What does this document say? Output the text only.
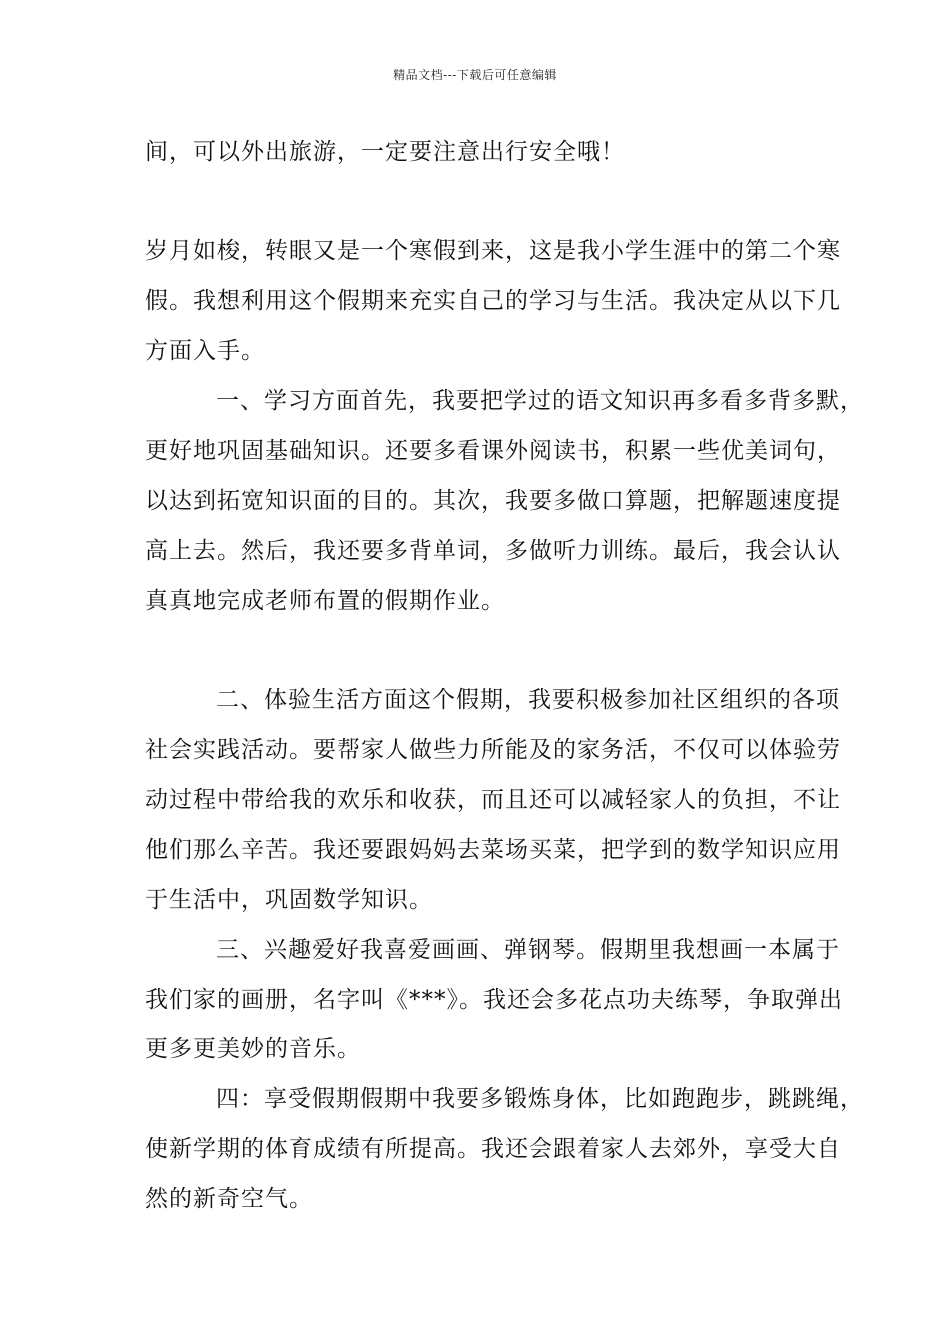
精品文档---下载后可任意编辑
间，可以外出旅游，一定要注意出行安全哦！
岁月如梭，转眼又是一个寒假到来，这是我小学生涯中的第二个寒
假。我想利用这个假期来充实自己的学习与生活。我决定从以下几
方面入手。
一、学习方面首先，我要把学过的语文知识再多看多背多默，
更好地巩固基础知识。还要多看课外阅读书，积累一些优美词句，
以达到拓宽知识面的目的。其次，我要多做口算题，把解题速度提
高上去。然后，我还要多背单词，多做听力训练。最后，我会认认
真真地完成老师布置的假期作业。
二、体验生活方面这个假期，我要积极参加社区组织的各项
社会实践活动。要帮家人做些力所能及的家务活，不仅可以体验劳
动过程中带给我的欢乐和收获，而且还可以减轻家人的负担，不让
他们那么辛苦。我还要跟妈妈去菜场买菜，把学到的数学知识应用
于生活中，巩固数学知识。
三、兴趣爱好我喜爱画画、弹钢琴。假期里我想画一本属于
我们家的画册，名字叫《***》。我还会多花点功夫练琴，争取弹出
更多更美妙的音乐。
四：享受假期假期中我要多锻炼身体，比如跑跑步，跳跳绳，
使新学期的体育成绩有所提高。我还会跟着家人去郊外，享受大自
然的新奇空气。
